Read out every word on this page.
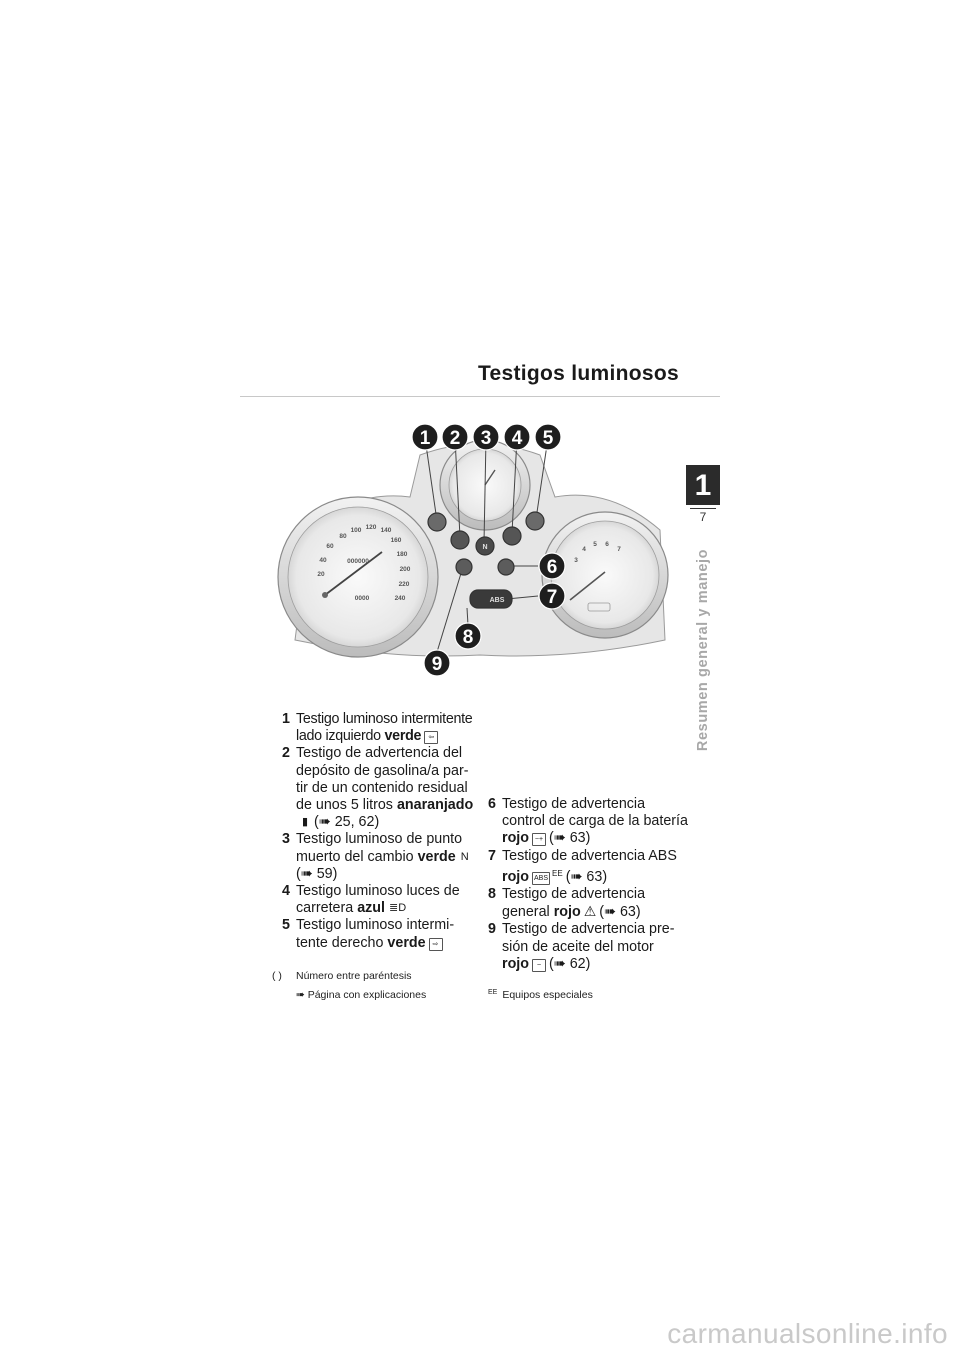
Testigos luminosos
1
7
Resumen general y manejo
1 2 3 4 5
6
7
8
9
ABS
N
60
80
100 120 140
160
180
200
220
240
40
20
000000
0000
3
4
5 6
7
1 Testigo luminoso intermitente lado izquierdo verde ⇦
2 Testigo de advertencia del depósito de gasolina/a par-tir de un contenido residual de unos 5 litros anaranjado
▮ (➠ 25, 62)
3 Testigo luminoso de punto muerto del cambio verde N
(➠ 59)
4 Testigo luminoso luces de carretera azul ≣D
5 Testigo luminoso intermi-tente derecho verde ⇨
6 Testigo de advertencia control de carga de la batería rojo −+ (➠ 63)
7 Testigo de advertencia ABS
rojo $ABS^{EE}$ (➠ 63)
8 Testigo de advertencia general rojo ⚠ (➠ 63)
9 Testigo de advertencia pre-sión de aceite del motor
rojo ~ (➠ 62)
( ) Número entre paréntesis
➠ Página con explicaciones	$^{EE}$ Equipos especiales
carmanualsonline.info
